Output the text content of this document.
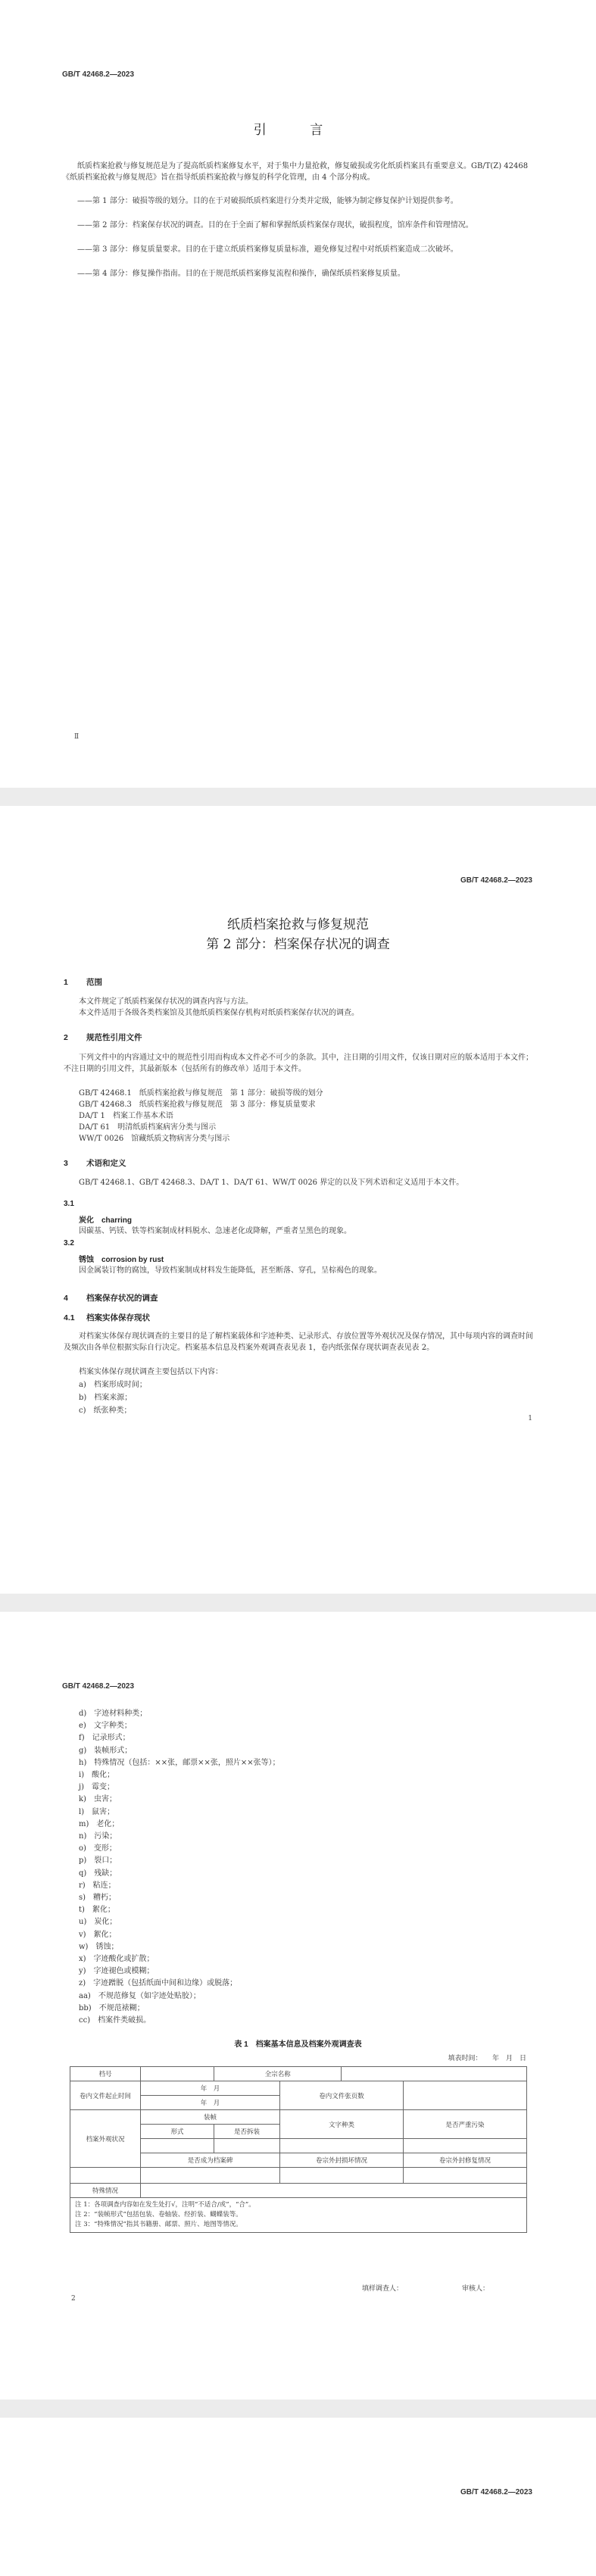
GB/T 42468.2—2023
引 言
纸质档案抢救与修复规范是为了提高纸质档案修复水平，对于集中力量抢救，修复破损或劣化纸质档案具有重要意义。GB/T(Z) 42468《纸质档案抢救与修复规范》旨在指导纸质档案抢救与修复的科学化管理，由 4 个部分构成。
——第 1 部分：破损等级的划分。目的在于对破损纸质档案进行分类并定级，能够为制定修复保护计划提供参考。
——第 2 部分：档案保存状况的调查。目的在于全面了解和掌握纸质档案保存现状，破损程度，馆库条件和管理情况。
——第 3 部分：修复质量要求。目的在于建立纸质档案修复质量标准，避免修复过程中对纸质档案造成二次破坏。
——第 4 部分：修复操作指南。目的在于规范纸质档案修复流程和操作，确保纸质档案修复质量。
Ⅱ
GB/T 42468.2—2023
纸质档案抢救与修复规范
第 2 部分：档案保存状况的调查
1 范围
本文件规定了纸质档案保存状况的调查内容与方法。
本文件适用于各级各类档案馆及其他纸质档案保存机构对纸质档案保存状况的调查。
2 规范性引用文件
下列文件中的内容通过文中的规范性引用而构成本文件必不可少的条款。其中，注日期的引用文件，仅该日期对应的版本适用于本文件；不注日期的引用文件，其最新版本（包括所有的修改单）适用于本文件。
GB/T 42468.1　纸质档案抢救与修复规范　第 1 部分：破损等级的划分
GB/T 42468.3　纸质档案抢救与修复规范　第 3 部分：修复质量要求
DA/T 1　档案工作基本术语
DA/T 61　明清纸质档案病害分类与图示
WW/T 0026　馆藏纸质文物病害分类与图示
3 术语和定义
GB/T 42468.1、GB/T 42468.3、DA/T 1、DA/T 61、WW/T 0026 界定的以及下列术语和定义适用于本文件。
3.1
炭化　charring
因碳基、钙镁、铁等档案制成材料脱水、急速老化或降解，严重者呈黑色的现象。
3.2
锈蚀　corrosion by rust
因金属装订物的腐蚀，导致档案制成材料发生能降低，甚至断落、穿孔，呈棕褐色的现象。
4 档案保存状况的调查
4.1 档案实体保存现状
对档案实体保存现状调查的主要目的是了解档案载体和字迹种类、记录形式、存放位置等外观状况及保存情况，其中每项内容的调查时间及频次由各单位根据实际自行决定。档案基本信息及档案外观调查表见表 1，卷内纸张保存现状调查表见表 2。
档案实体保存现状调查主要包括以下内容：
a)　档案形成时间；
b)　档案来源；
c)　纸张种类；
1
GB/T 42468.2—2023
d)　字迹材料种类；
e)　文字种类；
f)　记录形式；
g)　装帧形式；
h)　特殊情况（包括：××张，邮票××张，照片××张等）；
i)　酸化；
j)　霉变；
k)　虫害；
l)　鼠害；
m)　老化；
n)　污染；
o)　变形；
p)　裂口；
q)　残缺；
r)　粘连；
s)　糟朽；
t)　絮化；
u)　炭化；
v)　絮化；
w)　锈蚀；
x)　字迹酸化或扩散；
y)　字迹褪色或模糊；
z)　字迹蹭脱（包括纸面中间和边缘）或脱落；
aa)　不规范修复（如字迹处贴胶）；
bb)　不规范裱糊；
cc)　档案件类破损。
表 1　档案基本信息及档案外观调查表
填表时间：　　年　月　日
档号		全宗名称			
卷内文件起止时间	年　 月		卷内文件张页数		
	年　 月				
档案外观状况	装帧		文字种类		是否严重污染
	形式	是否拆装			

	是否成为档案碑		卷宗外封损坏情况		卷宗外封修复情况

特殊情况					

注 1：各项调查内容如在发生处打√，注明“不适合/或”，“合”。
注 2：“装帧形式”包括包装、卷轴装、经折装、蝴蝶装等。
注 3：“特殊情况”指其书籍册、邮票、照片、地图等情况。					
填样调查人：	审核人：
2
GB/T 42468.2—2023
